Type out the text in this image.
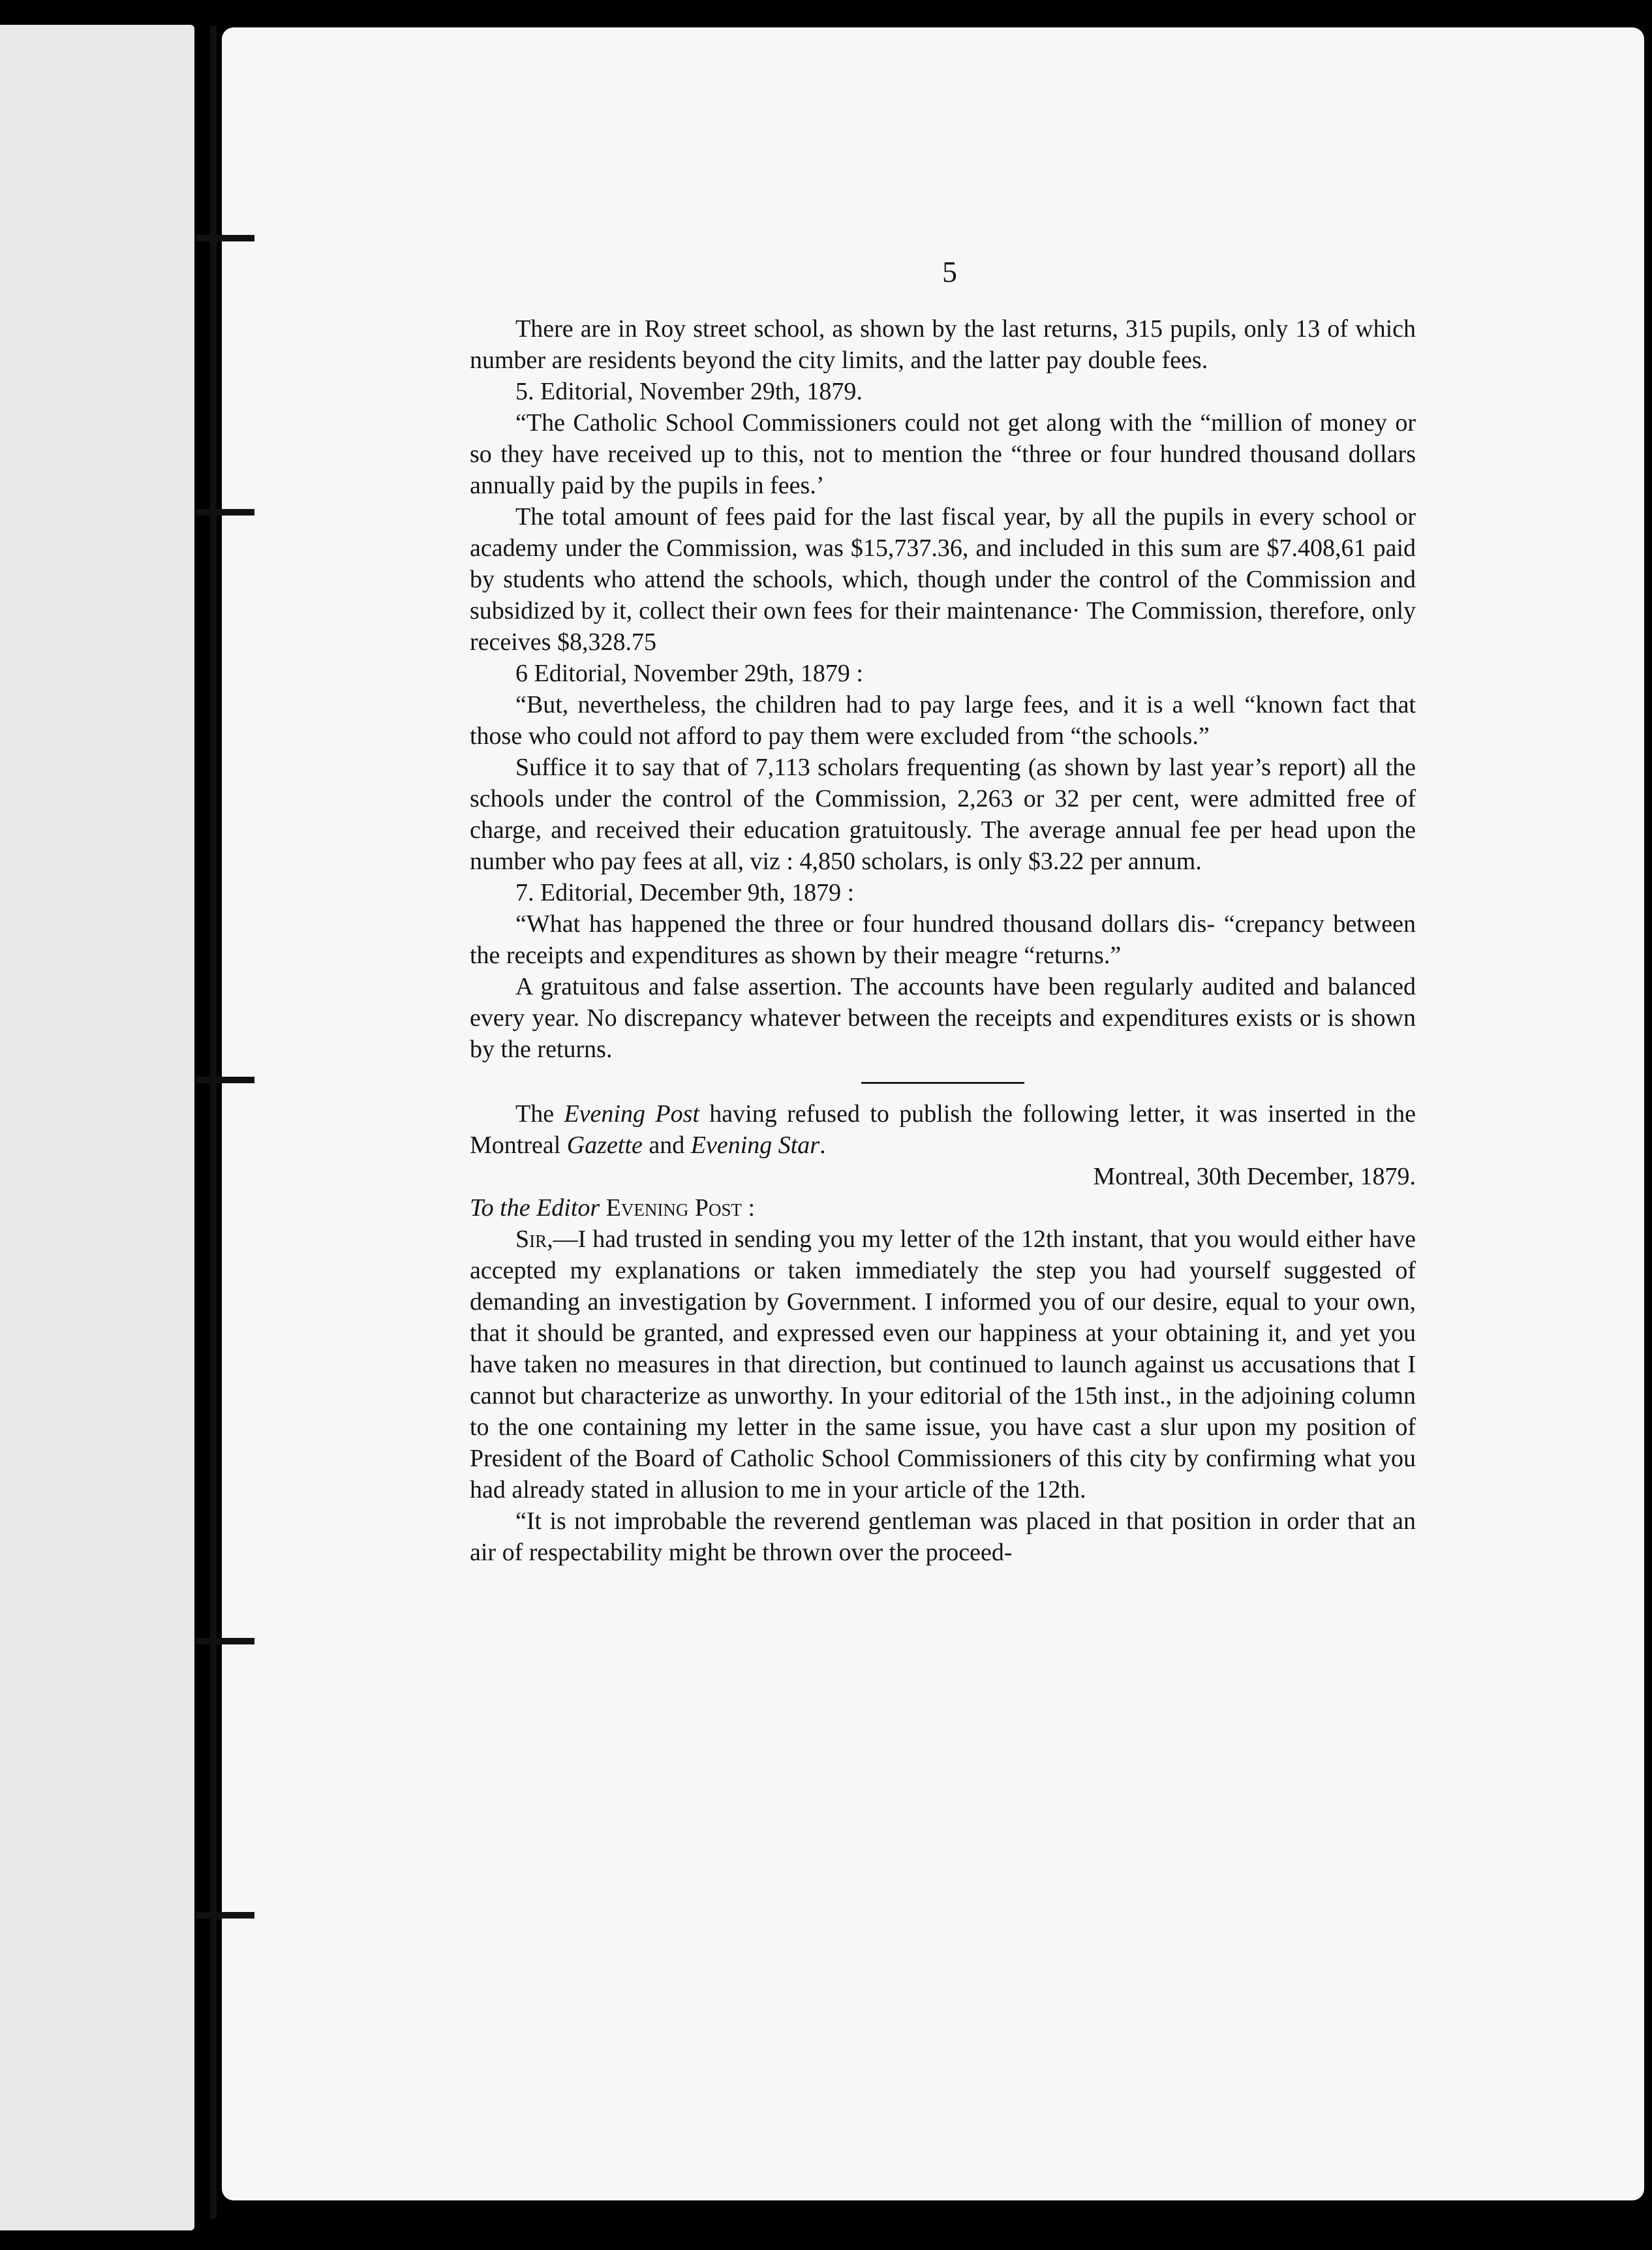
5

There are in Roy street school, as shown by the last returns, 315 pupils, only 13 of which number are residents beyond the city limits, and the latter pay double fees.

5. Editorial, November 29th, 1879.

“The Catholic School Commissioners could not get along with the “million of money or so they have received up to this, not to mention the “three or four hundred thousand dollars annually paid by the pupils in fees.’

The total amount of fees paid for the last fiscal year, by all the pupils in every school or academy under the Commission, was $15,737.36, and included in this sum are $7.408,61 paid by students who attend the schools, which, though under the control of the Commission and subsidized by it, collect their own fees for their maintenance· The Commission, therefore, only receives $8,328.75

6 Editorial, November 29th, 1879 :

“But, nevertheless, the children had to pay large fees, and it is a well “known fact that those who could not afford to pay them were excluded from “the schools.”

Suffice it to say that of 7,113 scholars frequenting (as shown by last year’s report) all the schools under the control of the Commission, 2,263 or 32 per cent, were admitted free of charge, and received their education gratuitously. The average annual fee per head upon the number who pay fees at all, viz : 4,850 scholars, is only $3.22 per annum.

7. Editorial, December 9th, 1879 :

“What has happened the three or four hundred thousand dollars dis- “crepancy between the receipts and expenditures as shown by their meagre “returns.”

A gratuitous and false assertion. The accounts have been regularly audited and balanced every year. No discrepancy whatever between the receipts and expenditures exists or is shown by the returns.

The Evening Post having refused to publish the following letter, it was inserted in the Montreal Gazette and Evening Star.

Montreal, 30th December, 1879.

To the Editor Evening Post :

Sir,—I had trusted in sending you my letter of the 12th instant, that you would either have accepted my explanations or taken immediately the step you had yourself suggested of demanding an investigation by Government. I informed you of our desire, equal to your own, that it should be granted, and expressed even our happiness at your obtaining it, and yet you have taken no measures in that direction, but continued to launch against us accusations that I cannot but characterize as unworthy. In your editorial of the 15th inst., in the adjoining column to the one containing my letter in the same issue, you have cast a slur upon my position of President of the Board of Catholic School Commissioners of this city by confirming what you had already stated in allusion to me in your article of the 12th.

“It is not improbable the reverend gentleman was placed in that position in order that an air of respectability might be thrown over the proceed-
